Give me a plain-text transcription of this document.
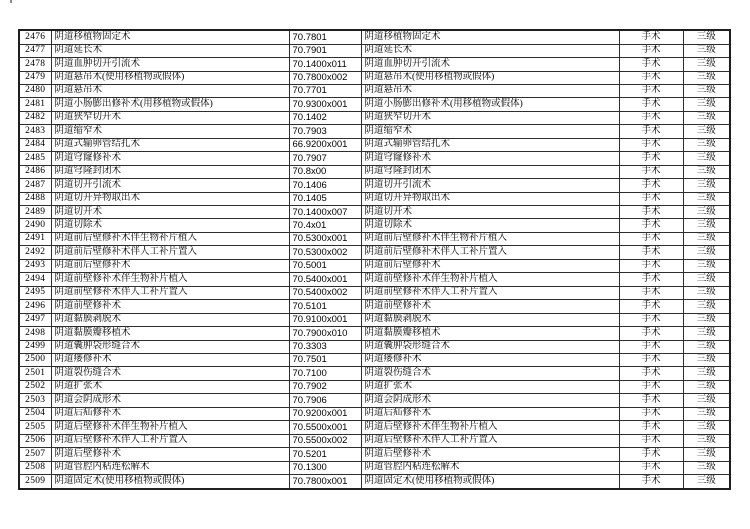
2476	阴道移植物固定术	70.7801	阴道移植物固定术	手术	三级
2477	阴道延长术	70.7901	阴道延长术	手术	三级
2478	阴道血肿切开引流术	70.1400x011	阴道血肿切开引流术	手术	三级
2479	阴道悬吊术(使用移植物或假体)	70.7800x002	阴道悬吊术(使用移植物或假体)	手术	三级
2480	阴道悬吊术	70.7701	阴道悬吊术	手术	三级
2481	阴道小肠膨出修补术(用移植物或假体)	70.9300x001	阴道小肠膨出修补术(用移植物或假体)	手术	三级
2482	阴道狭窄切开术	70.1402	阴道狭窄切开术	手术	三级
2483	阴道缩窄术	70.7903	阴道缩窄术	手术	三级
2484	阴道式输卵管结扎术	66.9200x001	阴道式输卵管结扎术	手术	三级
2485	阴道穹窿修补术	70.7907	阴道穹窿修补术	手术	三级
2486	阴道穹隆封闭术	70.8x00	阴道穹隆封闭术	手术	三级
2487	阴道切开引流术	70.1406	阴道切开引流术	手术	三级
2488	阴道切开异物取出术	70.1405	阴道切开异物取出术	手术	三级
2489	阴道切开术	70.1400x007	阴道切开术	手术	三级
2490	阴道切除术	70.4x01	阴道切除术	手术	三级
2491	阴道前后壁修补术伴生物补片植入	70.5300x001	阴道前后壁修补术伴生物补片植入	手术	三级
2492	阴道前后壁修补术伴人工补片置入	70.5300x002	阴道前后壁修补术伴人工补片置入	手术	三级
2493	阴道前后壁修补术	70.5001	阴道前后壁修补术	手术	三级
2494	阴道前壁修补术伴生物补片植入	70.5400x001	阴道前壁修补术伴生物补片植入	手术	三级
2495	阴道前壁修补术伴人工补片置入	70.5400x002	阴道前壁修补术伴人工补片置入	手术	三级
2496	阴道前壁修补术	70.5101	阴道前壁修补术	手术	三级
2497	阴道黏膜剥脱术	70.9100x001	阴道黏膜剥脱术	手术	三级
2498	阴道黏膜瓣移植术	70.7900x010	阴道黏膜瓣移植术	手术	三级
2499	阴道囊肿袋形缝合术	70.3303	阴道囊肿袋形缝合术	手术	三级
2500	阴道瘘修补术	70.7501	阴道瘘修补术	手术	三级
2501	阴道裂伤缝合术	70.7100	阴道裂伤缝合术	手术	三级
2502	阴道扩张术	70.7902	阴道扩张术	手术	三级
2503	阴道会阴成形术	70.7906	阴道会阴成形术	手术	三级
2504	阴道后疝修补术	70.9200x001	阴道后疝修补术	手术	三级
2505	阴道后壁修补术伴生物补片植入	70.5500x001	阴道后壁修补术伴生物补片植入	手术	三级
2506	阴道后壁修补术伴人工补片置入	70.5500x002	阴道后壁修补术伴人工补片置入	手术	三级
2507	阴道后壁修补术	70.5201	阴道后壁修补术	手术	三级
2508	阴道管腔内粘连松解术	70.1300	阴道管腔内粘连松解术	手术	三级
2509	阴道固定术(使用移植物或假体)	70.7800x001	阴道固定术(使用移植物或假体)	手术	三级
